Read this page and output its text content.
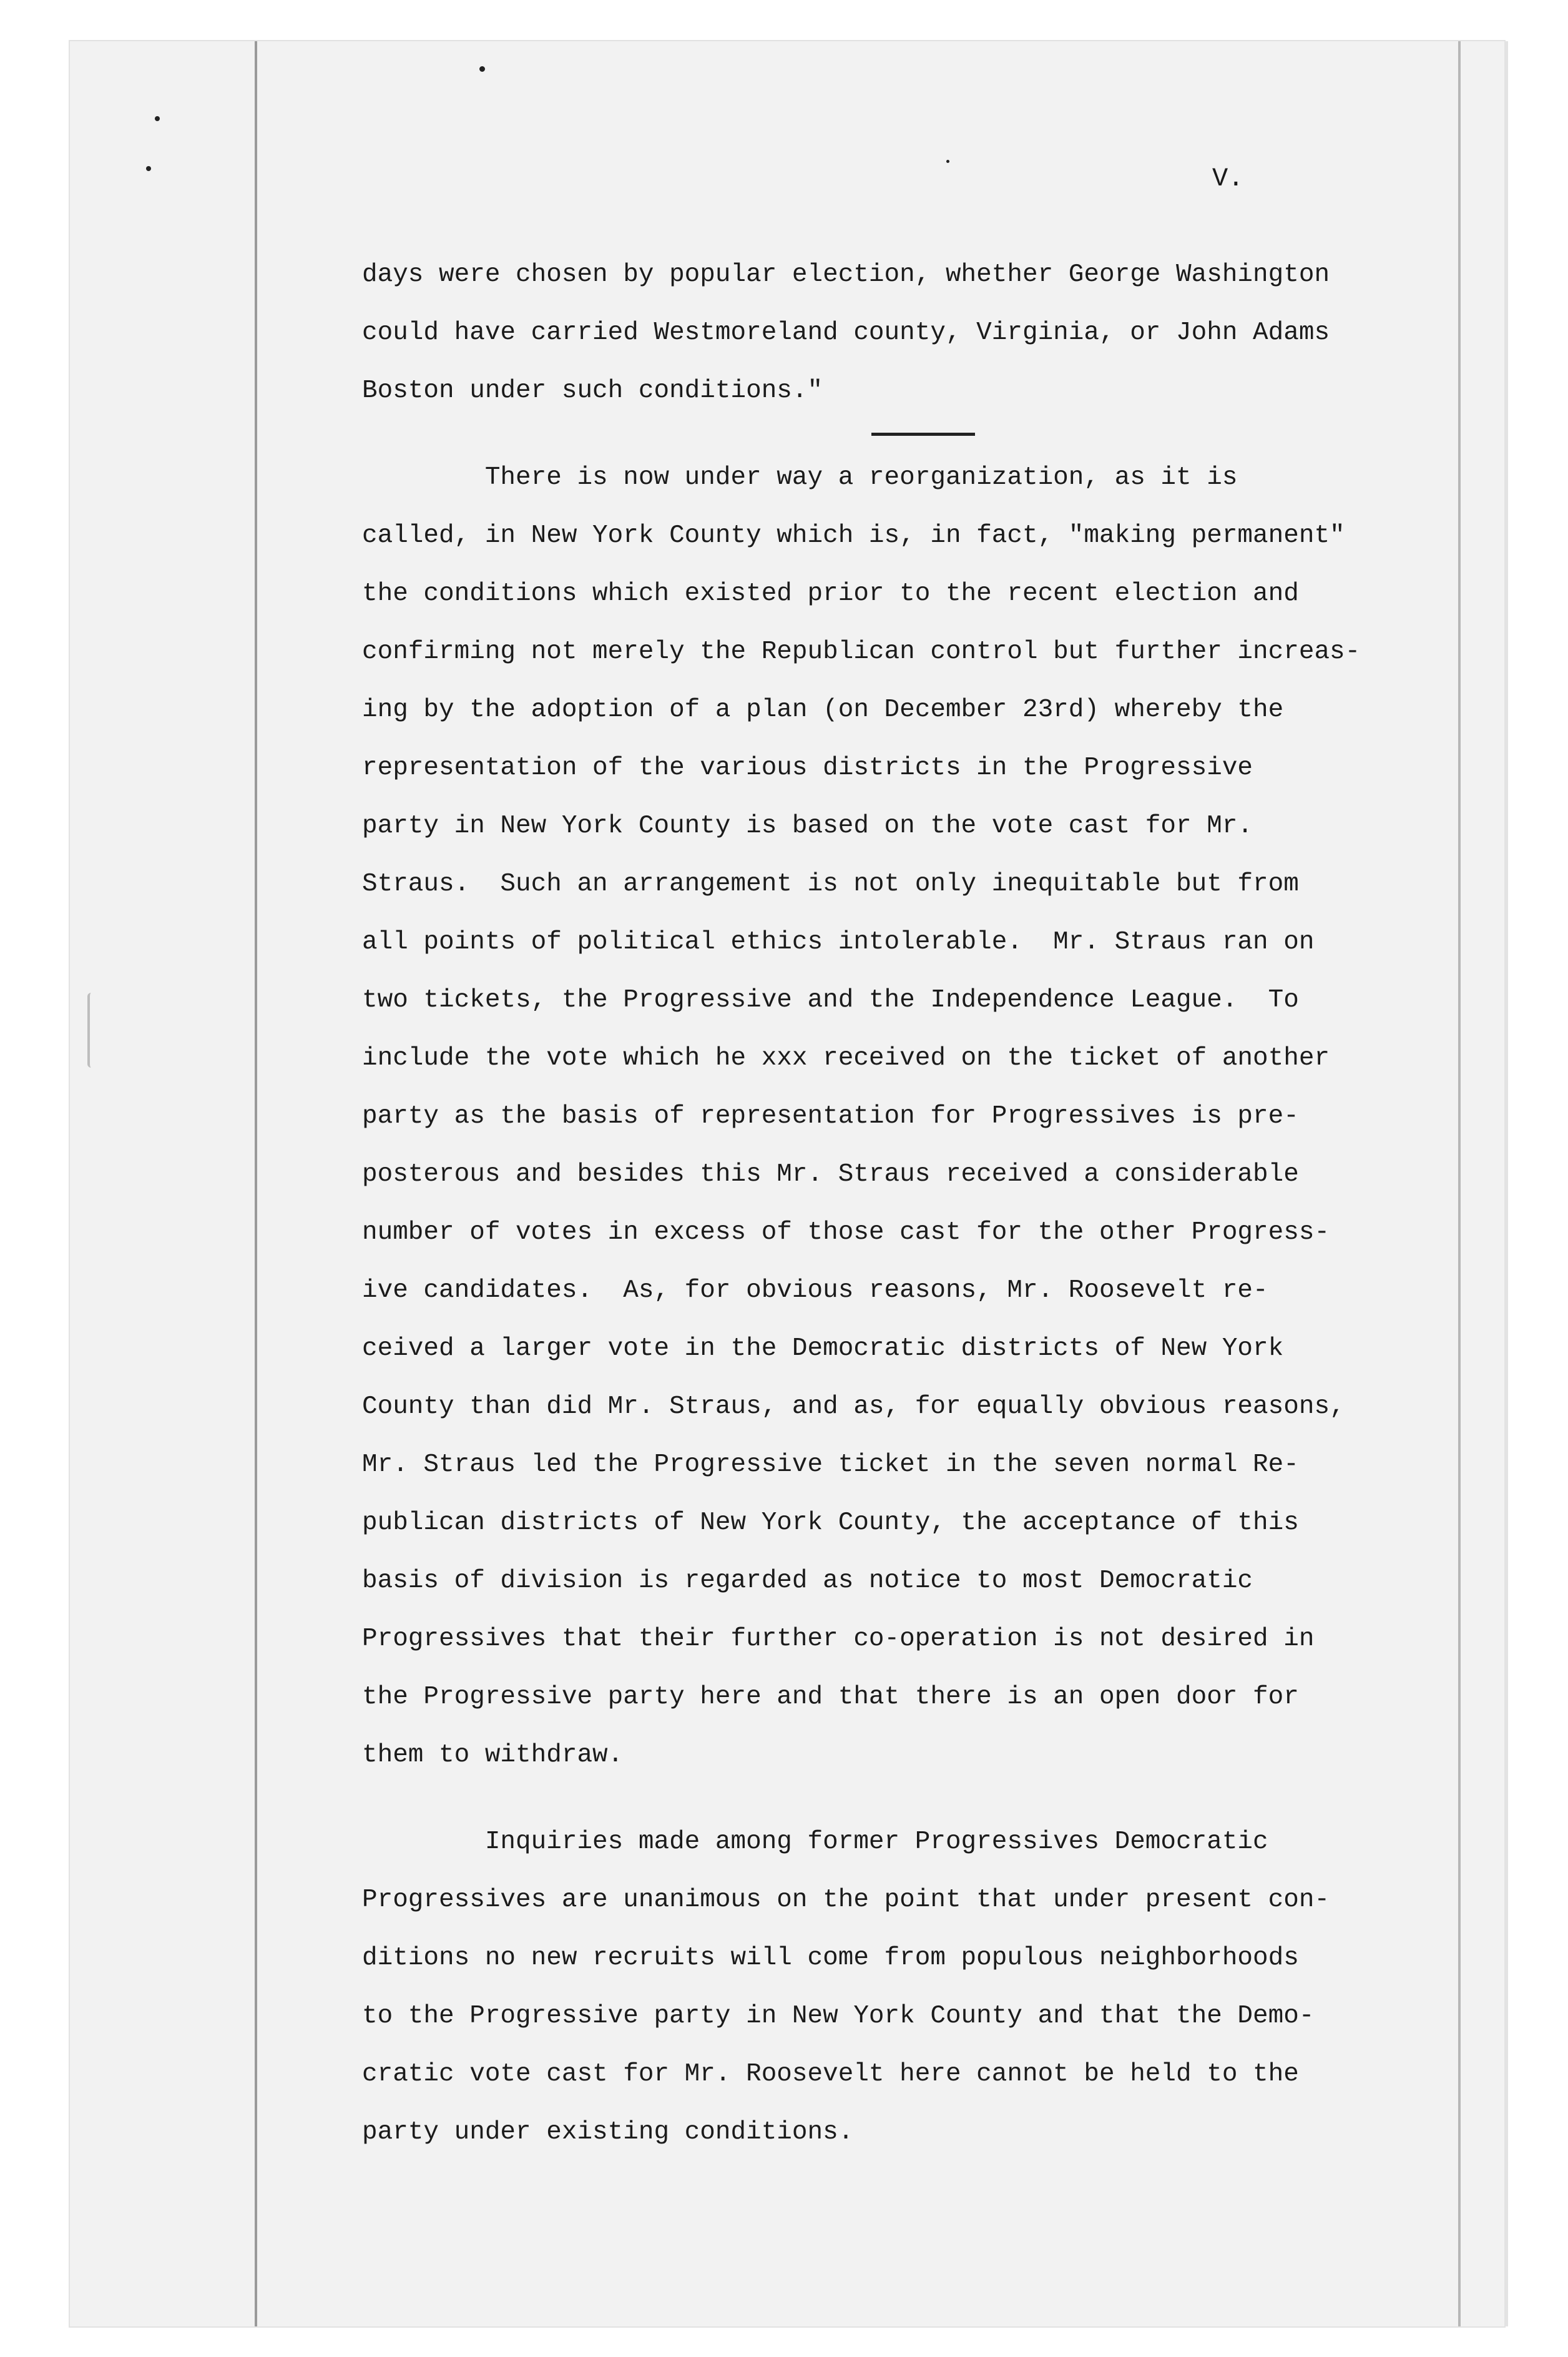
V.
days were chosen by popular election, whether George Washington
could have carried Westmoreland county, Virginia, or John Adams
Boston under such conditions."
There is now under way a reorganization, as it is
called, in New York County which is, in fact, "making permanent"
the conditions which existed prior to the recent election and
confirming not merely the Republican control but further increas-
ing by the adoption of a plan (on December 23rd) whereby the
representation of the various districts in the Progressive
party in New York County is based on the vote cast for Mr.
Straus.  Such an arrangement is not only inequitable but from
all points of political ethics intolerable.  Mr. Straus ran on
two tickets, the Progressive and the Independence League.  To
include the vote which he xxx received on the ticket of another
party as the basis of representation for Progressives is pre-
posterous and besides this Mr. Straus received a considerable
number of votes in excess of those cast for the other Progress-
ive candidates.  As, for obvious reasons, Mr. Roosevelt re-
ceived a larger vote in the Democratic districts of New York
County than did Mr. Straus, and as, for equally obvious reasons,
Mr. Straus led the Progressive ticket in the seven normal Re-
publican districts of New York County, the acceptance of this
basis of division is regarded as notice to most Democratic
Progressives that their further co-operation is not desired in
the Progressive party here and that there is an open door for
them to withdraw.
Inquiries made among former Progressives Democratic
Progressives are unanimous on the point that under present con-
ditions no new recruits will come from populous neighborhoods
to the Progressive party in New York County and that the Demo-
cratic vote cast for Mr. Roosevelt here cannot be held to the
party under existing conditions.
